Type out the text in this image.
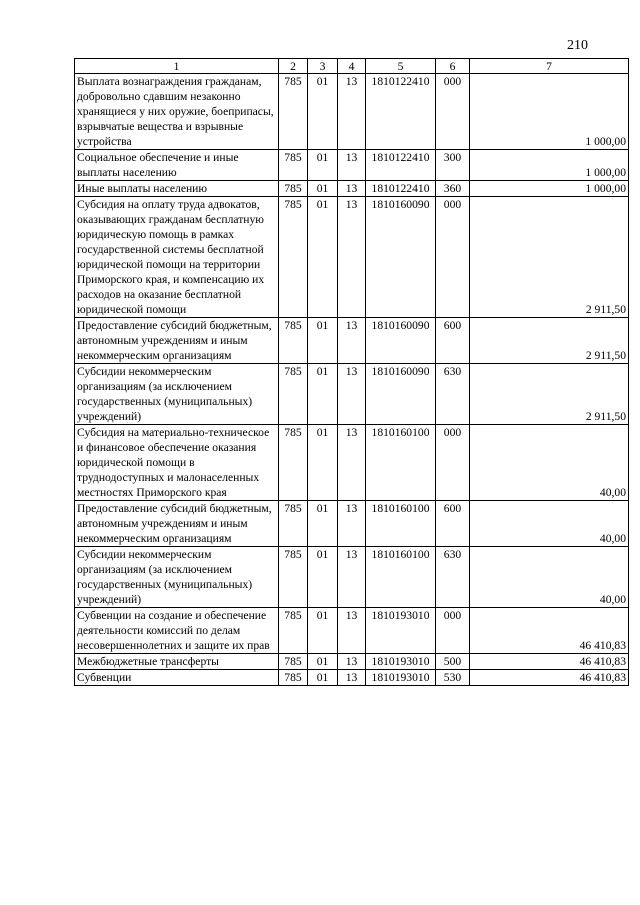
210
1	2	3	4	5	6	7
Выплата вознаграждения гражданам, добровольно сдавшим незаконно хранящиеся у них оружие, боеприпасы, взрывчатые вещества и взрывные устройства	785	01	13	1810122410	000	1 000,00
Социальное обеспечение и иные выплаты населению	785	01	13	1810122410	300	1 000,00
Иные выплаты населению	785	01	13	1810122410	360	1 000,00
Субсидия на оплату труда адвокатов, оказывающих гражданам бесплатную юридическую помощь в рамках государственной системы бесплатной юридической помощи на территории Приморского края, и компенсацию их расходов на оказание бесплатной юридической помощи	785	01	13	1810160090	000	2 911,50
Предоставление субсидий бюджетным, автономным учреждениям и иным некоммерческим организациям	785	01	13	1810160090	600	2 911,50
Субсидии некоммерческим организациям (за исключением государственных (муниципальных) учреждений)	785	01	13	1810160090	630	2 911,50
Субсидия на материально-техническое и финансовое обеспечение оказания юридической помощи в труднодоступных и малонаселенных местностях Приморского края	785	01	13	1810160100	000	40,00
Предоставление субсидий бюджетным, автономным учреждениям и иным некоммерческим организациям	785	01	13	1810160100	600	40,00
Субсидии некоммерческим организациям (за исключением государственных (муниципальных) учреждений)	785	01	13	1810160100	630	40,00
Субвенции на создание и обеспечение деятельности комиссий по делам несовершеннолетних и защите их прав	785	01	13	1810193010	000	46 410,83
Межбюджетные трансферты	785	01	13	1810193010	500	46 410,83
Субвенции	785	01	13	1810193010	530	46 410,83
